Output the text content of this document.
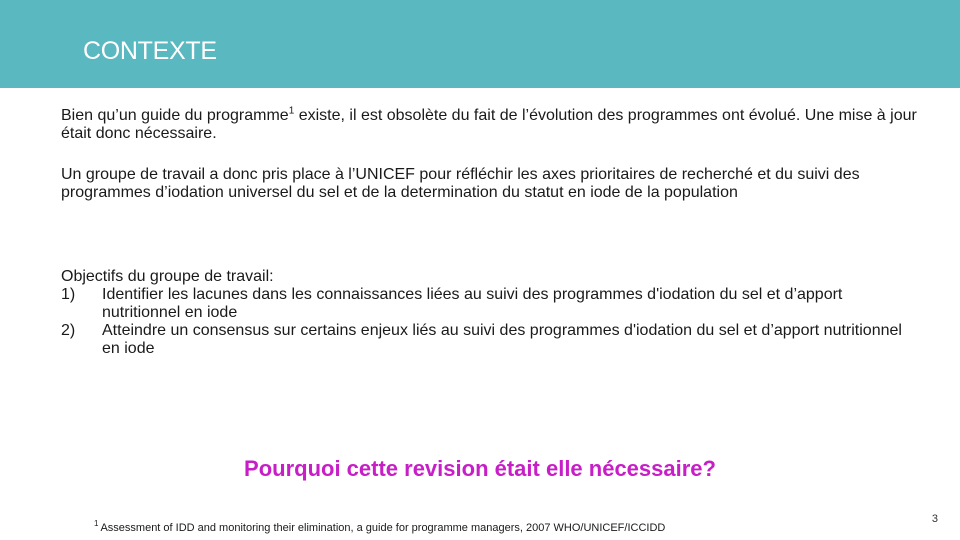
CONTEXTE
Bien qu’un guide du programme$^1$ existe, il est obsolète du fait de l’évolution des programmes ont évolué. Une mise à jour était donc nécessaire.
Un groupe de travail a donc pris place à l’UNICEF pour réfléchir les axes prioritaires de recherché et du suivi des programmes d’iodation universel du sel et de la determination du statut en iode de la population
Objectifs du groupe de travail:
1) Identifier les lacunes dans les connaissances liées au suivi des programmes d'iodation du sel et d’apport nutritionnel en iode
2) Atteindre un consensus sur certains enjeux liés au suivi des programmes d'iodation du sel et d’apport nutritionnel en iode
Pourquoi cette revision était elle nécessaire?
$^1$ Assessment of IDD and monitoring their elimination, a guide for programme managers, 2007 WHO/UNICEF/ICCIDD
3
